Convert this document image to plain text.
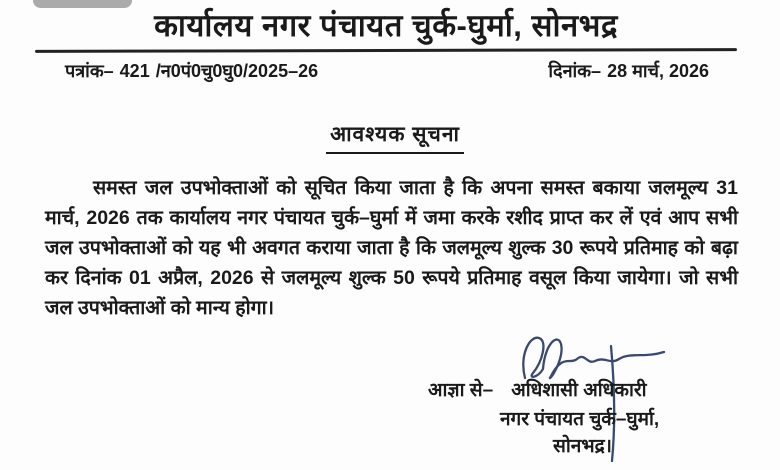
कार्यालय नगर पंचायत चुर्क-घुर्मा, सोनभद्र
पत्रांक– 421 /न0पं0चु0घु0/2025–26	दिनांक– 28 मार्च, 2026
आवश्यक सूचना

समस्त जल उपभोक्ताओं को सूचित किया जाता है कि अपना समस्त बकाया जलमूल्य 31 मार्च, 2026 तक कार्यालय नगर पंचायत चुर्क–घुर्मा में जमा करके रशीद प्राप्त कर लें एवं आप सभी जल उपभोक्ताओं को यह भी अवगत कराया जाता है कि जलमूल्य शुल्क 30 रूपये प्रतिमाह को बढ़ा कर दिनांक 01 अप्रैल, 2026 से जलमूल्य शुल्क 50 रूपये प्रतिमाह वसूल किया जायेगा। जो सभी जल उपभोक्ताओं को मान्य होगा।

आज्ञा से– अधिशासी अधिकारी
नगर पंचायत चुर्क–घुर्मा,
सोनभद्र।
